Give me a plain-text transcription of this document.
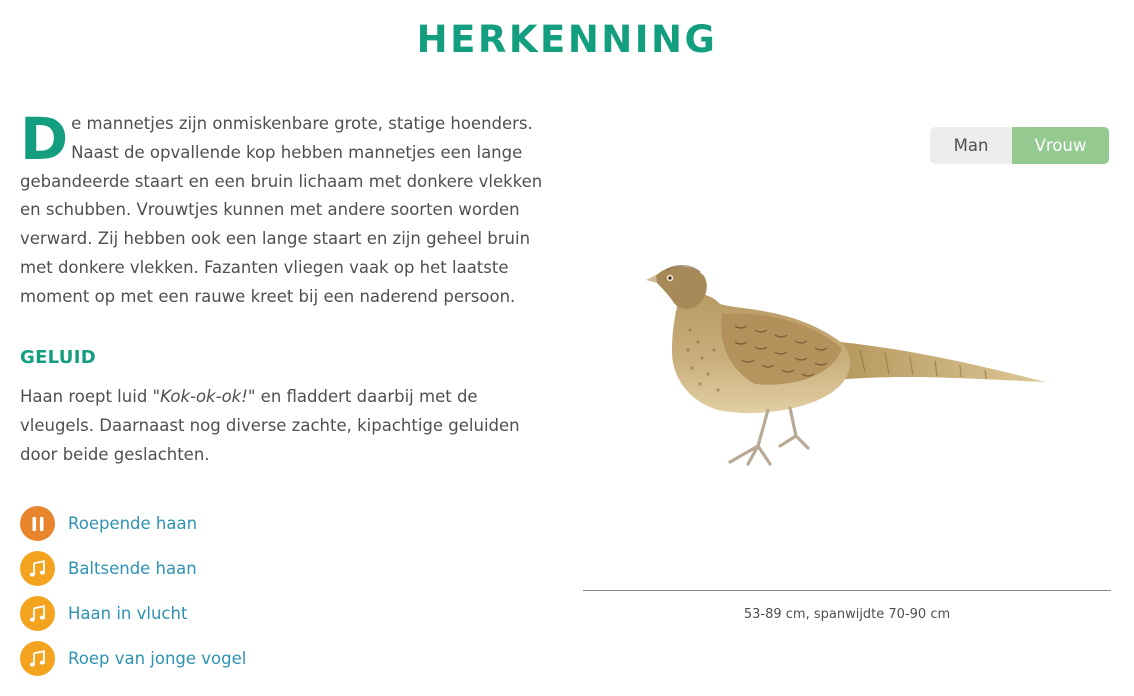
HERKENNING
De mannetjes zijn onmiskenbare grote, statige hoenders. Naast de opvallende kop hebben mannetjes een lange gebandeerde staart en een bruin lichaam met donkere vlekken en schubben. Vrouwtjes kunnen met andere soorten worden verward. Zij hebben ook een lange staart en zijn geheel bruin met donkere vlekken. Fazanten vliegen vaak op het laatste moment op met een rauwe kreet bij een naderend persoon.
GELUID

Haan roept luid "Kok-ok-ok!" en fladdert daarbij met de vleugels. Daarnaast nog diverse zachte, kipachtige geluiden door beide geslachten.

Roepende haan
Baltsende haan
Haan in vlucht
Roep van jonge vogel
Man	Vrouw
53-89 cm, spanwijdte 70-90 cm
